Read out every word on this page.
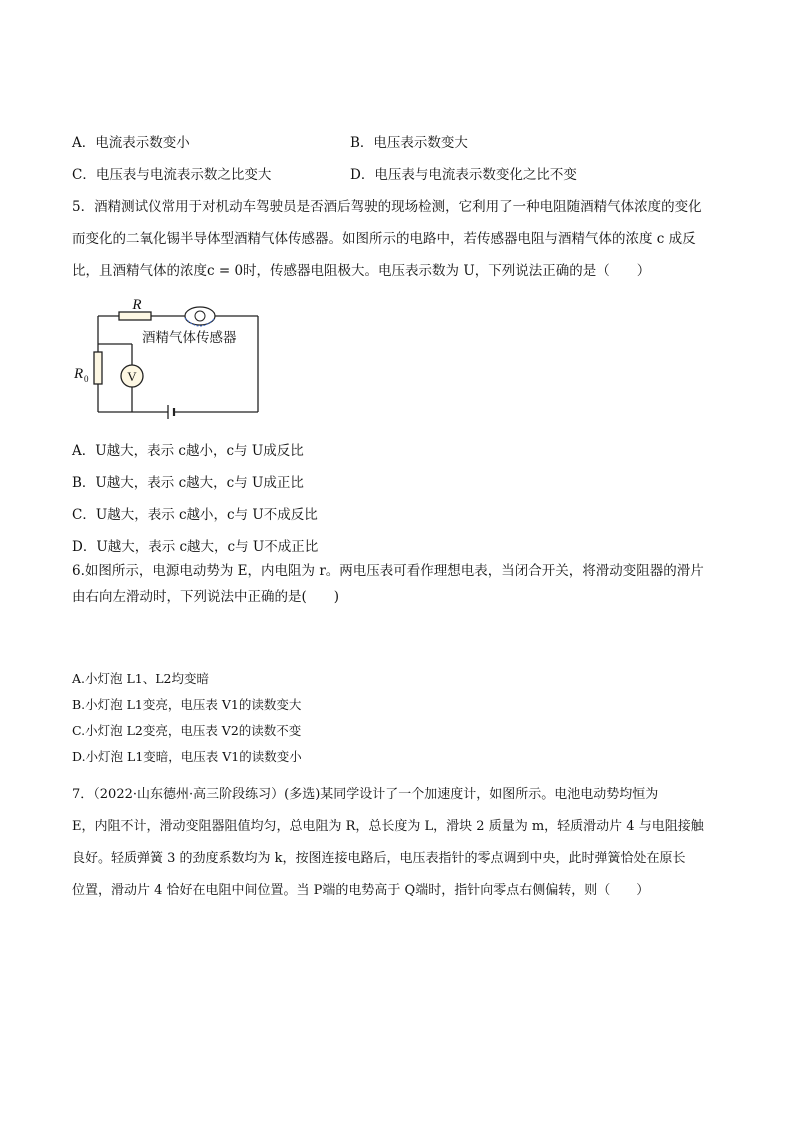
A．电流表示数变小	B．电压表示数变大
C．电压表与电流表示数之比变大	D．电压表与电流表示数变化之比不变
5．酒精测试仪常用于对机动车驾驶员是否酒后驾驶的现场检测，它利用了一种电阻随酒精气体浓度的变化
而变化的二氧化锡半导体型酒精气体传感器。如图所示的电路中，若传感器电阻与酒精气体的浓度 c 成反
比，且酒精气体的浓度c = 0时，传感器电阻极大。电压表示数为 U，下列说法正确的是（　　）
V
R
R 0
酒精气体传感器
A．U越大，表示 c越小，c与 U成反比
B．U越大，表示 c越大，c与 U成正比
C．U越大，表示 c越小，c与 U不成反比
D．U越大，表示 c越大，c与 U不成正比
6.如图所示，电源电动势为 E，内电阻为 r。两电压表可看作理想电表，当闭合开关，将滑动变阻器的滑片
由右向左滑动时，下列说法中正确的是(　　)
A.小灯泡 L1、L2均变暗
B.小灯泡 L1变亮，电压表 V1的读数变大
C.小灯泡 L2变亮，电压表 V2的读数不变
D.小灯泡 L1变暗，电压表 V1的读数变小
7．（2022·山东德州·高三阶段练习）(多选)某同学设计了一个加速度计，如图所示。电池电动势均恒为
E，内阻不计，滑动变阻器阻值均匀，总电阻为 R，总长度为 L，滑块 2 质量为 m，轻质滑动片 4 与电阻接触
良好。轻质弹簧 3 的劲度系数均为 k，按图连接电路后，电压表指针的零点调到中央，此时弹簧恰处在原长
位置，滑动片 4 恰好在电阻中间位置。当 P端的电势高于 Q端时，指针向零点右侧偏转，则（　　）
